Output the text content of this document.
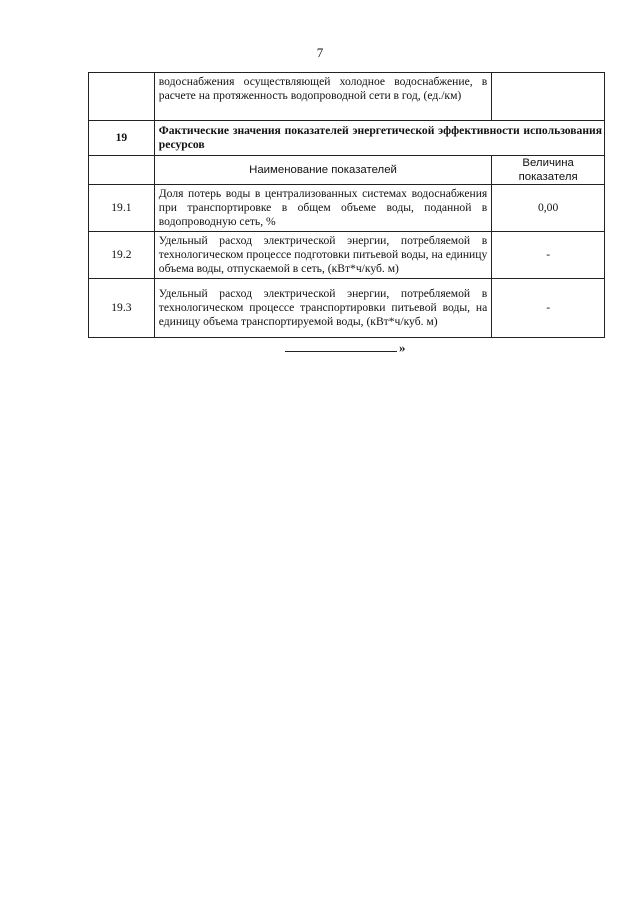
7
	водоснабжения осуществляющей холодное водоснабжение, в расчете на протяженность водопроводной сети в год, (ед./км)	
19	Фактические значения показателей энергетической эффективности использования ресурсов	
	Наименование показателей	Величина показателя
19.1	Доля потерь воды в централизованных системах водоснабжения при транспортировке в общем объеме воды, поданной в водопроводную сеть, %	0,00
19.2	Удельный расход электрической энергии, потребляемой в технологическом процессе подготовки питьевой воды, на единицу объема воды, отпускаемой в сеть, (кВт*ч/куб. м)	-
19.3	Удельный расход электрической энергии, потребляемой в технологическом процессе транспортировки питьевой воды, на единицу объема транспортируемой воды, (кВт*ч/куб. м)	-
»
